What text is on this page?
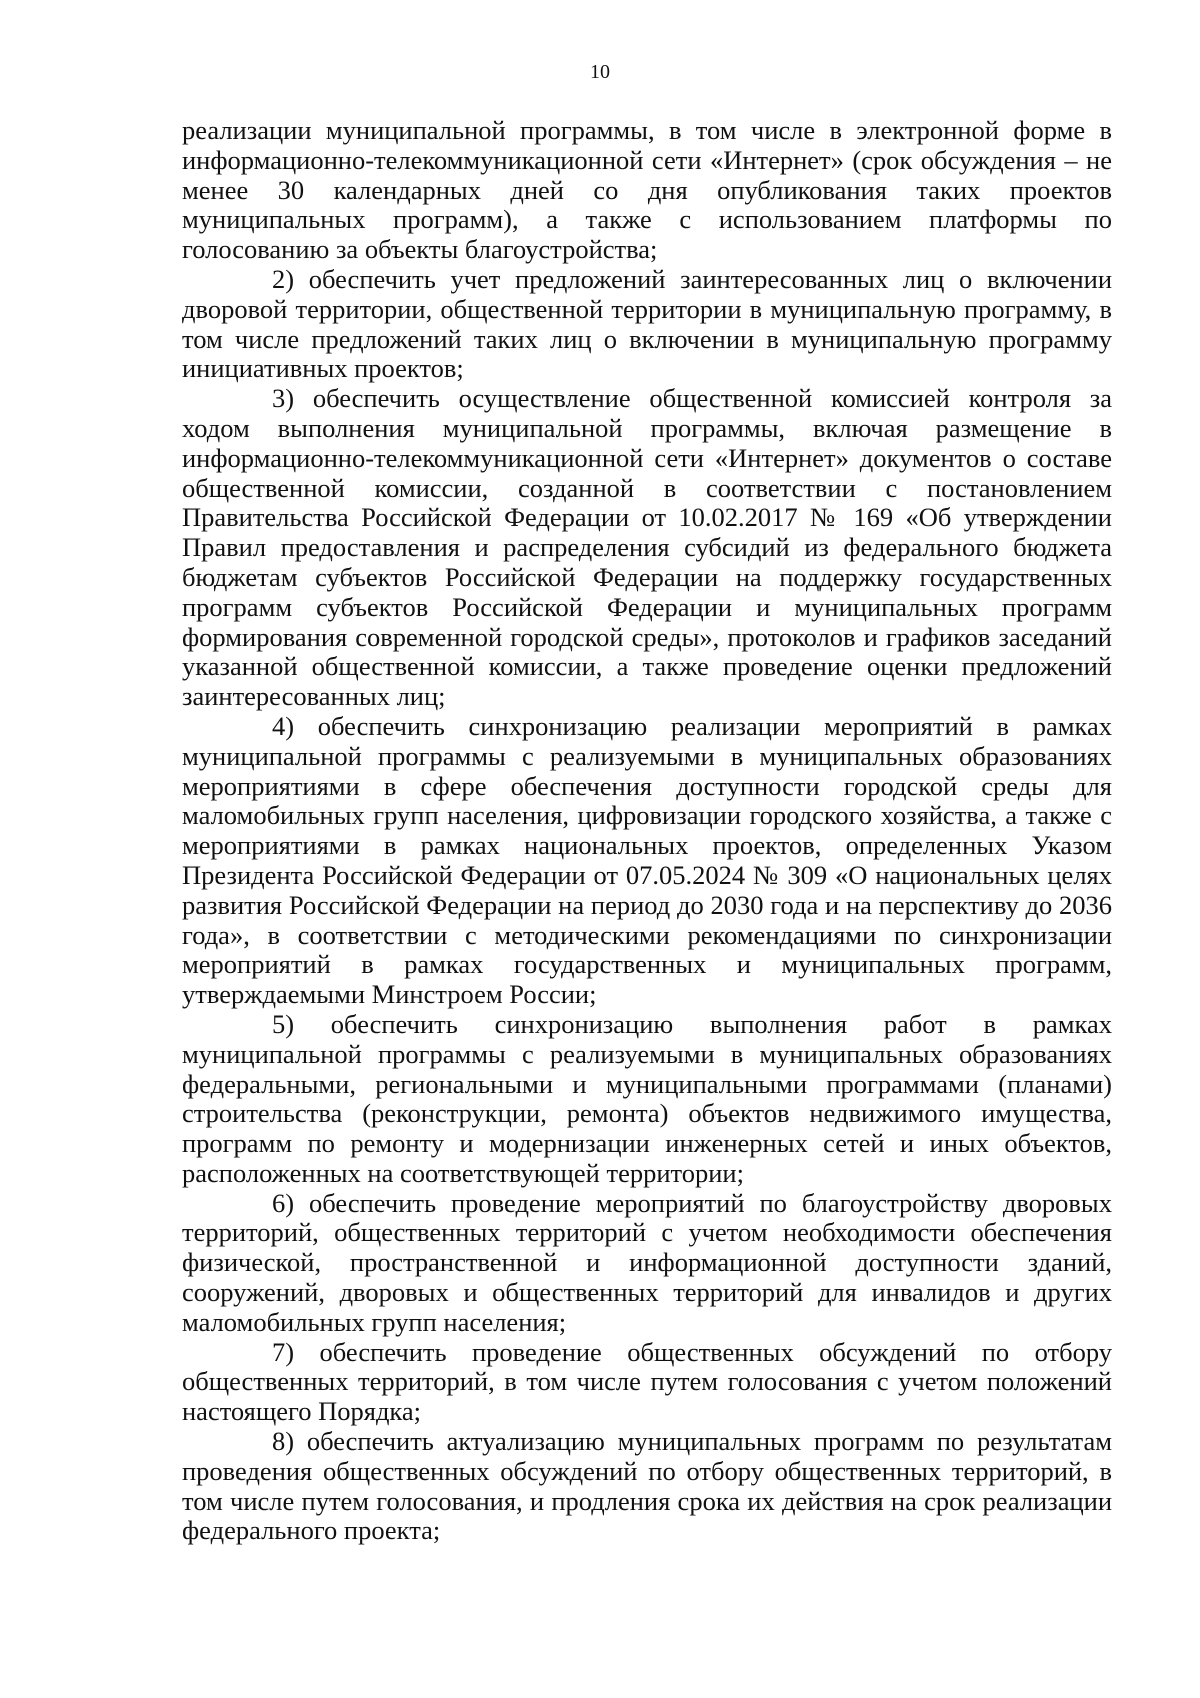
10

реализации муниципальной программы, в том числе в электронной форме в информационно-телекоммуникационной сети «Интернет» (срок обсуждения – не менее 30 календарных дней со дня опубликования таких проектов муниципальных программ), а также с использованием платформы по голосованию за объекты благоустройства;

2) обеспечить учет предложений заинтересованных лиц о включении дворовой территории, общественной территории в муниципальную программу, в том числе предложений таких лиц о включении в муниципальную программу инициативных проектов;

3) обеспечить осуществление общественной комиссией контроля за ходом выполнения муниципальной программы, включая размещение в информационно-телекоммуникационной сети «Интернет» документов о составе общественной комиссии, созданной в соответствии с постановлением Правительства Российской Федерации от 10.02.2017 № 169 «Об утверждении Правил предоставления и распределения субсидий из федерального бюджета бюджетам субъектов Российской Федерации на поддержку государственных программ субъектов Российской Федерации и муниципальных программ формирования современной городской среды», протоколов и графиков заседаний указанной общественной комиссии, а также проведение оценки предложений заинтересованных лиц;

4) обеспечить синхронизацию реализации мероприятий в рамках муниципальной программы с реализуемыми в муниципальных образованиях мероприятиями в сфере обеспечения доступности городской среды для маломобильных групп населения, цифровизации городского хозяйства, а также с мероприятиями в рамках национальных проектов, определенных Указом Президента Российской Федерации от 07.05.2024 № 309 «О национальных целях развития Российской Федерации на период до 2030 года и на перспективу до 2036 года», в соответствии с методическими рекомендациями по синхронизации мероприятий в рамках государственных и муниципальных программ, утверждаемыми Минстроем России;

5) обеспечить синхронизацию выполнения работ в рамках муниципальной программы с реализуемыми в муниципальных образованиях федеральными, региональными и муниципальными программами (планами) строительства (реконструкции, ремонта) объектов недвижимого имущества, программ по ремонту и модернизации инженерных сетей и иных объектов, расположенных на соответствующей территории;

6) обеспечить проведение мероприятий по благоустройству дворовых территорий, общественных территорий с учетом необходимости обеспечения физической, пространственной и информационной доступности зданий, сооружений, дворовых и общественных территорий для инвалидов и других маломобильных групп населения;

7) обеспечить проведение общественных обсуждений по отбору общественных территорий, в том числе путем голосования с учетом положений настоящего Порядка;

8) обеспечить актуализацию муниципальных программ по результатам проведения общественных обсуждений по отбору общественных территорий, в том числе путем голосования, и продления срока их действия на срок реализации федерального проекта;
